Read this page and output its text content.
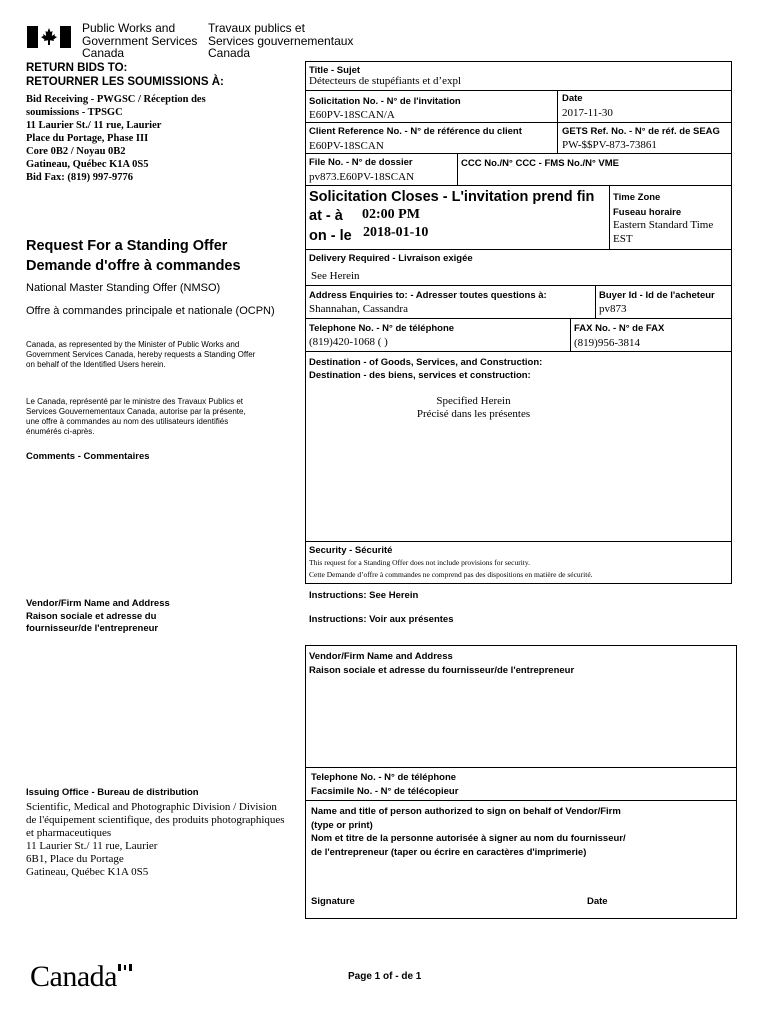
Public Works and
Government Services
Canada
Travaux publics et
Services gouvernementaux
Canada
RETURN BIDS TO:
RETOURNER LES SOUMISSIONS À:
Bid Receiving - PWGSC / Réception des
soumissions - TPSGC
11 Laurier St./ 11 rue, Laurier
Place du Portage, Phase III
Core 0B2 / Noyau 0B2
Gatineau, Québec K1A 0S5
Bid Fax: (819) 997-9776
Request For a Standing Offer
Demande d'offre à commandes
National Master Standing Offer (NMSO)
Offre à commandes principale et nationale (OCPN)
Canada, as represented by the Minister of Public Works and
Government Services Canada, hereby requests a Standing Offer
on behalf of the Identified Users herein.
Le Canada, représenté par le ministre des Travaux Publics et
Services Gouvernementaux Canada, autorise par la présente,
une offre à commandes au nom des utilisateurs identifiés
énumérés ci-après.
Comments - Commentaires
Vendor/Firm Name and Address
Raison sociale et adresse du
fournisseur/de l'entrepreneur
Issuing Office - Bureau de distribution
Scientific, Medical and Photographic Division / Division
de l'équipement scientifique, des produits photographiques
et pharmaceutiques
11 Laurier St./ 11 rue, Laurier
6B1, Place du Portage
Gatineau, Québec K1A 0S5
Title - Sujet
Détecteurs de stupéfiants et d’expl
Solicitation No. - N° de l'invitation
E60PV-18SCAN/A
Date
2017-11-30
Client Reference No. - N° de référence du client
E60PV-18SCAN
GETS Ref. No. - N° de réf. de SEAG
PW-$$PV-873-73861
File No. - N° de dossier
pv873.E60PV-18SCAN
CCC No./N° CCC - FMS No./N° VME
Solicitation Closes - L'invitation prend fin
at - à 02:00 PM
on - le 2018-01-10
Time Zone
Fuseau horaire
Eastern Standard Time
EST
Delivery Required - Livraison exigée
See Herein
Address Enquiries to: - Adresser toutes questions à:
Shannahan, Cassandra
Buyer Id - Id de l'acheteur
pv873
Telephone No. - N° de téléphone
(819)420-1068 ( )
FAX No. - N° de FAX
(819)956-3814
Destination - of Goods, Services, and Construction:
Destination - des biens, services et construction:
Specified Herein
Précisé dans les présentes
Security - Sécurité
This request for a Standing Offer does not include provisions for security.
Cette Demande d’offre à commandes ne comprend pas des dispositions en matière de sécurité.
Instructions: See Herein
Instructions: Voir aux présentes
Vendor/Firm Name and Address
Raison sociale et adresse du fournisseur/de l'entrepreneur
Telephone No. - N° de téléphone
Facsimile No. - N° de télécopieur
Name and title of person authorized to sign on behalf of Vendor/Firm
(type or print)
Nom et titre de la personne autorisée à signer au nom du fournisseur/
de l'entrepreneur (taper ou écrire en caractères d'imprimerie)
Signature	Date
Canada	Page 1 of - de 1
